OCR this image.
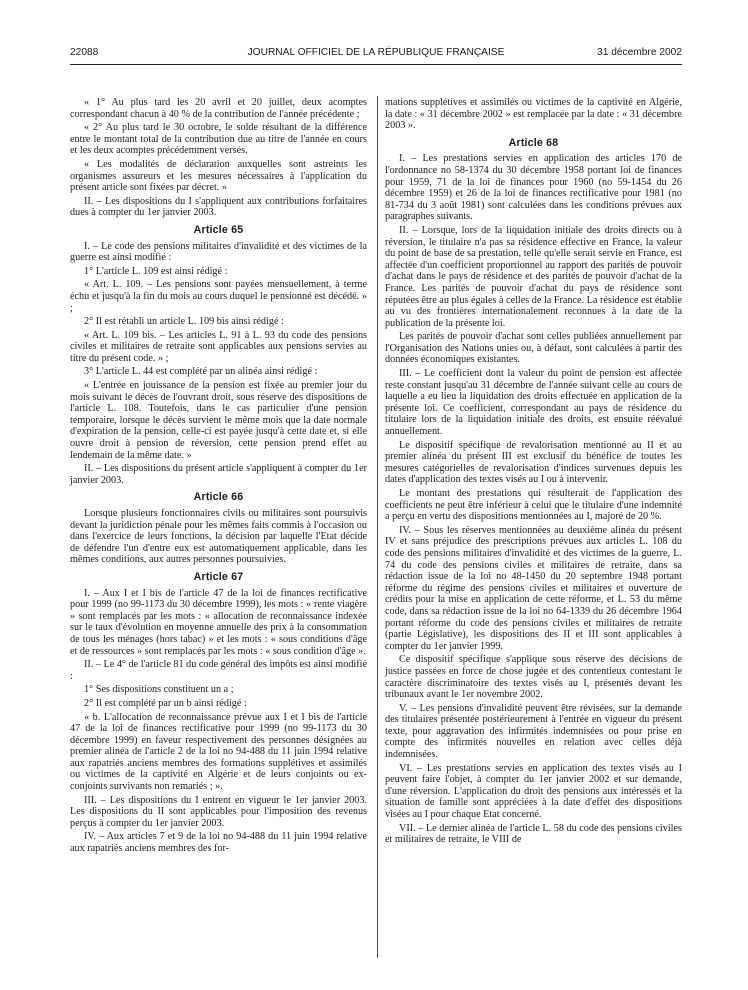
22088	JOURNAL OFFICIEL DE LA RÉPUBLIQUE FRANÇAISE	31 décembre 2002

« 1° Au plus tard les 20 avril et 20 juillet, deux acomptes correspondant chacun à 40 % de la contribution de l'année précédente ;

« 2° Au plus tard le 30 octobre, le solde résultant de la différence entre le montant total de la contribution due au titre de l'année en cours et les deux acomptes précédemment versés.

« Les modalités de déclaration auxquelles sont astreints les organismes assureurs et les mesures nécessaires à l'application du présent article sont fixées par décret. »

II. – Les dispositions du I s'appliquent aux contributions forfaitaires dues à compter du 1er janvier 2003.

Article 65

I. – Le code des pensions militaires d'invalidité et des victimes de la guerre est ainsi modifié :

1° L'article L. 109 est ainsi rédigé :

« Art. L. 109. – Les pensions sont payées mensuellement, à terme échu et jusqu'à la fin du mois au cours duquel le pensionné est décédé. » ;

2° Il est rétabli un article L. 109 bis ainsi rédigé :

« Art. L. 109 bis. – Les articles L. 91 à L. 93 du code des pensions civiles et militaires de retraite sont applicables aux pensions servies au titre du présent code. » ;

3° L'article L. 44 est complété par un alinéa ainsi rédigé :

« L'entrée en jouissance de la pension est fixée au premier jour du mois suivant le décès de l'ouvrant droit, sous réserve des dispositions de l'article L. 108. Toutefois, dans le cas particulier d'une pension temporaire, lorsque le décès survient le même mois que la date normale d'expiration de la pension, celle-ci est payée jusqu'à cette date et, si elle ouvre droit à pension de réversion, cette pension prend effet au lendemain de la même date. »

II. – Les dispositions du présent article s'appliquent à compter du 1er janvier 2003.

Article 66

Lorsque plusieurs fonctionnaires civils ou militaires sont poursuivis devant la juridiction pénale pour les mêmes faits commis à l'occasion ou dans l'exercice de leurs fonctions, la décision par laquelle l'Etat décide de défendre l'un d'entre eux est automatiquement applicable, dans les mêmes conditions, aux autres personnes poursuivies.

Article 67

I. – Aux I et I bis de l'article 47 de la loi de finances rectificative pour 1999 (no 99-1173 du 30 décembre 1999), les mots : « rente viagère » sont remplacés par les mots : « allocation de reconnaissance indexée sur le taux d'évolution en moyenne annuelle des prix à la consommation de tous les ménages (hors tabac) » et les mots : « sous conditions d'âge et de ressources » sont remplacés par les mots : « sous condition d'âge ».

II. – Le 4° de l'article 81 du code général des impôts est ainsi modifié :

1° Ses dispositions constituent un a ;

2° Il est complété par un b ainsi rédigé :

« b. L'allocation de reconnaissance prévue aux I et I bis de l'article 47 de la loi de finances rectificative pour 1999 (no 99-1173 du 30 décembre 1999) en faveur respectivement des personnes désignées au premier alinéa de l'article 2 de la loi no 94-488 du 11 juin 1994 relative aux rapatriés anciens membres des formations supplétives et assimilés ou victimes de la captivité en Algérie et de leurs conjoints ou ex-conjoints survivants non remariés ; ».

III. – Les dispositions du I entrent en vigueur le 1er janvier 2003. Les dispositions du II sont applicables pour l'imposition des revenus perçus à compter du 1er janvier 2003.

IV. – Aux articles 7 et 9 de la loi no 94-488 du 11 juin 1994 relative aux rapatriés anciens membres des for-

mations supplétives et assimilés ou victimes de la captivité en Algérie, la date : « 31 décembre 2002 » est remplacée par la date : « 31 décembre 2003 ».

Article 68

I. – Les prestations servies en application des articles 170 de l'ordonnance no 58-1374 du 30 décembre 1958 portant loi de finances pour 1959, 71 de la loi de finances pour 1960 (no 59-1454 du 26 décembre 1959) et 26 de la loi de finances rectificative pour 1981 (no 81-734 du 3 août 1981) sont calculées dans les conditions prévues aux paragraphes suivants.

II. – Lorsque, lors de la liquidation initiale des droits directs ou à réversion, le titulaire n'a pas sa résidence effective en France, la valeur du point de base de sa prestation, telle qu'elle serait servie en France, est affectée d'un coefficient proportionnel au rapport des parités de pouvoir d'achat dans le pays de résidence et des parités de pouvoir d'achat de la France. Les parités de pouvoir d'achat du pays de résidence sont réputées être au plus égales à celles de la France. La résidence est établie au vu des frontières internationalement reconnues à la date de la publication de la présente loi.

Les parités de pouvoir d'achat sont celles publiées annuellement par l'Organisation des Nations unies ou, à défaut, sont calculées à partir des données économiques existantes.

III. – Le coefficient dont la valeur du point de pension est affectée reste constant jusqu'au 31 décembre de l'année suivant celle au cours de laquelle a eu lieu la liquidation des droits effectuée en application de la présente loi. Ce coefficient, correspondant au pays de résidence du titulaire lors de la liquidation initiale des droits, est ensuite réévalué annuellement.

Le dispositif spécifique de revalorisation mentionné au II et au premier alinéa du présent III est exclusif du bénéfice de toutes les mesures catégorielles de revalorisation d'indices survenues depuis les dates d'application des textes visés au I ou à intervenir.

Le montant des prestations qui résulterait de l'application des coefficients ne peut être inférieur à celui que le titulaire d'une indemnité a perçu en vertu des dispositions mentionnées au I, majoré de 20 %.

IV. – Sous les réserves mentionnées au deuxième alinéa du présent IV et sans préjudice des prescriptions prévues aux articles L. 108 du code des pensions militaires d'invalidité et des victimes de la guerre, L. 74 du code des pensions civiles et militaires de retraite, dans sa rédaction issue de la loi no 48-1450 du 20 septembre 1948 portant réforme du régime des pensions civiles et militaires et ouverture de crédits pour la mise en application de cette réforme, et L. 53 du même code, dans sa rédaction issue de la loi no 64-1339 du 26 décembre 1964 portant réforme du code des pensions civiles et militaires de retraite (partie Législative), les dispositions des II et III sont applicables à compter du 1er janvier 1999.

Ce dispositif spécifique s'applique sous réserve des décisions de justice passées en force de chose jugée et des contentieux contestant le caractère discriminatoire des textes visés au I, présentés devant les tribunaux avant le 1er novembre 2002.

V. – Les pensions d'invalidité peuvent être révisées, sur la demande des titulaires présentée postérieurement à l'entrée en vigueur du présent texte, pour aggravation des infirmités indemnisées ou pour prise en compte des infirmités nouvelles en relation avec celles déjà indemnisées.

VI. – Les prestations servies en application des textes visés au I peuvent faire l'objet, à compter du 1er janvier 2002 et sur demande, d'une réversion. L'application du droit des pensions aux intéressés et la situation de famille sont appréciées à la date d'effet des dispositions visées au I pour chaque Etat concerné.

VII. – Le dernier alinéa de l'article L. 58 du code des pensions civiles et militaires de retraite, le VIII de
